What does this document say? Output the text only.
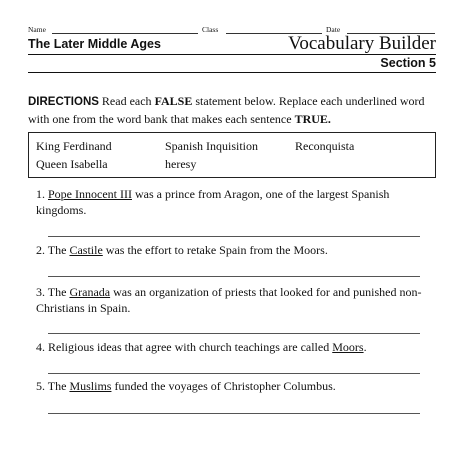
Name	Class	Date
The Later Middle Ages	Vocabulary Builder
Section 5
DIRECTIONS Read each FALSE statement below. Replace each underlined word with one from the word bank that makes each sentence TRUE.
King Ferdinand	Spanish Inquisition	Reconquista
Queen Isabella	heresy
1. Pope Innocent III was a prince from Aragon, one of the largest Spanish kingdoms.
2. The Castile was the effort to retake Spain from the Moors.
3. The Granada was an organization of priests that looked for and punished non-Christians in Spain.
4. Religious ideas that agree with church teachings are called Moors.
5. The Muslims funded the voyages of Christopher Columbus.
